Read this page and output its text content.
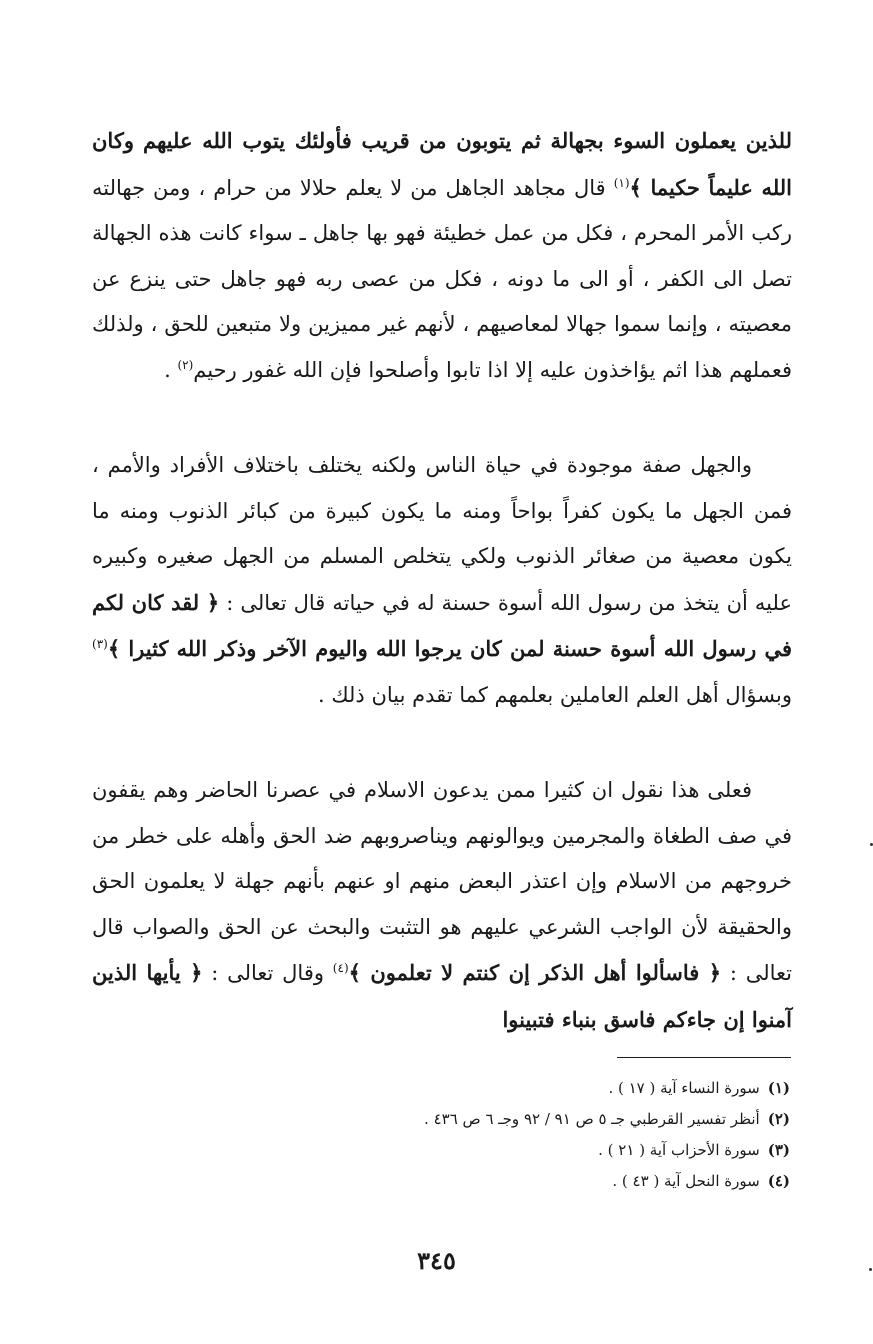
للذين يعملون السوء بجهالة ثم يتوبون من قريب فأولئك يتوب الله عليهم وكان الله عليماً حكيما ﴾$^{(١)}$ قال مجاهد الجاهل من لا يعلم حلالا من حرام ، ومن جهالته ركب الأمر المحرم ، فكل من عمل خطيئة فهو بها جاهل ـ سواء كانت هذه الجهالة تصل الى الكفر ، أو الى ما دونه ، فكل من عصى ربه فهو جاهل حتى ينزع عن معصيته ، وإنما سموا جهالا لمعاصيهم ، لأنهم غير مميزين ولا متبعين للحق ، ولذلك فعملهم هذا اثم يؤاخذون عليه إلا اذا تابوا وأصلحوا فإن الله غفور رحيم$^{(٢)}$ .

والجهل صفة موجودة في حياة الناس ولكنه يختلف باختلاف الأفراد والأمم ، فمن الجهل ما يكون كفراً بواحاً ومنه ما يكون كبيرة من كبائر الذنوب ومنه ما يكون معصية من صغائر الذنوب ولكي يتخلص المسلم من الجهل صغيره وكبيره عليه أن يتخذ من رسول الله أسوة حسنة له في حياته قال تعالى : ﴿ لقد كان لكم في رسول الله أسوة حسنة لمن كان يرجوا الله واليوم الآخر وذكر الله كثيرا ﴾$^{(٣)}$ وبسؤال أهل العلم العاملين بعلمهم كما تقدم بيان ذلك .

فعلى هذا نقول ان كثيرا ممن يدعون الاسلام في عصرنا الحاضر وهم يقفون في صف الطغاة والمجرمين ويوالونهم ويناصروبهم ضد الحق وأهله على خطر من خروجهم من الاسلام وإن اعتذر البعض منهم او عنهم بأنهم جهلة لا يعلمون الحق والحقيقة لأن الواجب الشرعي عليهم هو التثبت والبحث عن الحق والصواب قال تعالى : ﴿ فاسألوا أهل الذكر إن كنتم لا تعلمون ﴾$^{(٤)}$ وقال تعالى : ﴿ يأيها الذين آمنوا إن جاءكم فاسق بنباء فتبينوا

(١)سورة النساء آية ( ١٧ ) .
(٢)أنظر تفسير القرطبي جـ ٥ ص ٩١ / ٩٢ وجـ ٦ ص ٤٣٦ .
(٣)سورة الأحزاب آية ( ٢١ ) .
(٤)سورة النحل آية ( ٤٣ ) .
٣٤٥
